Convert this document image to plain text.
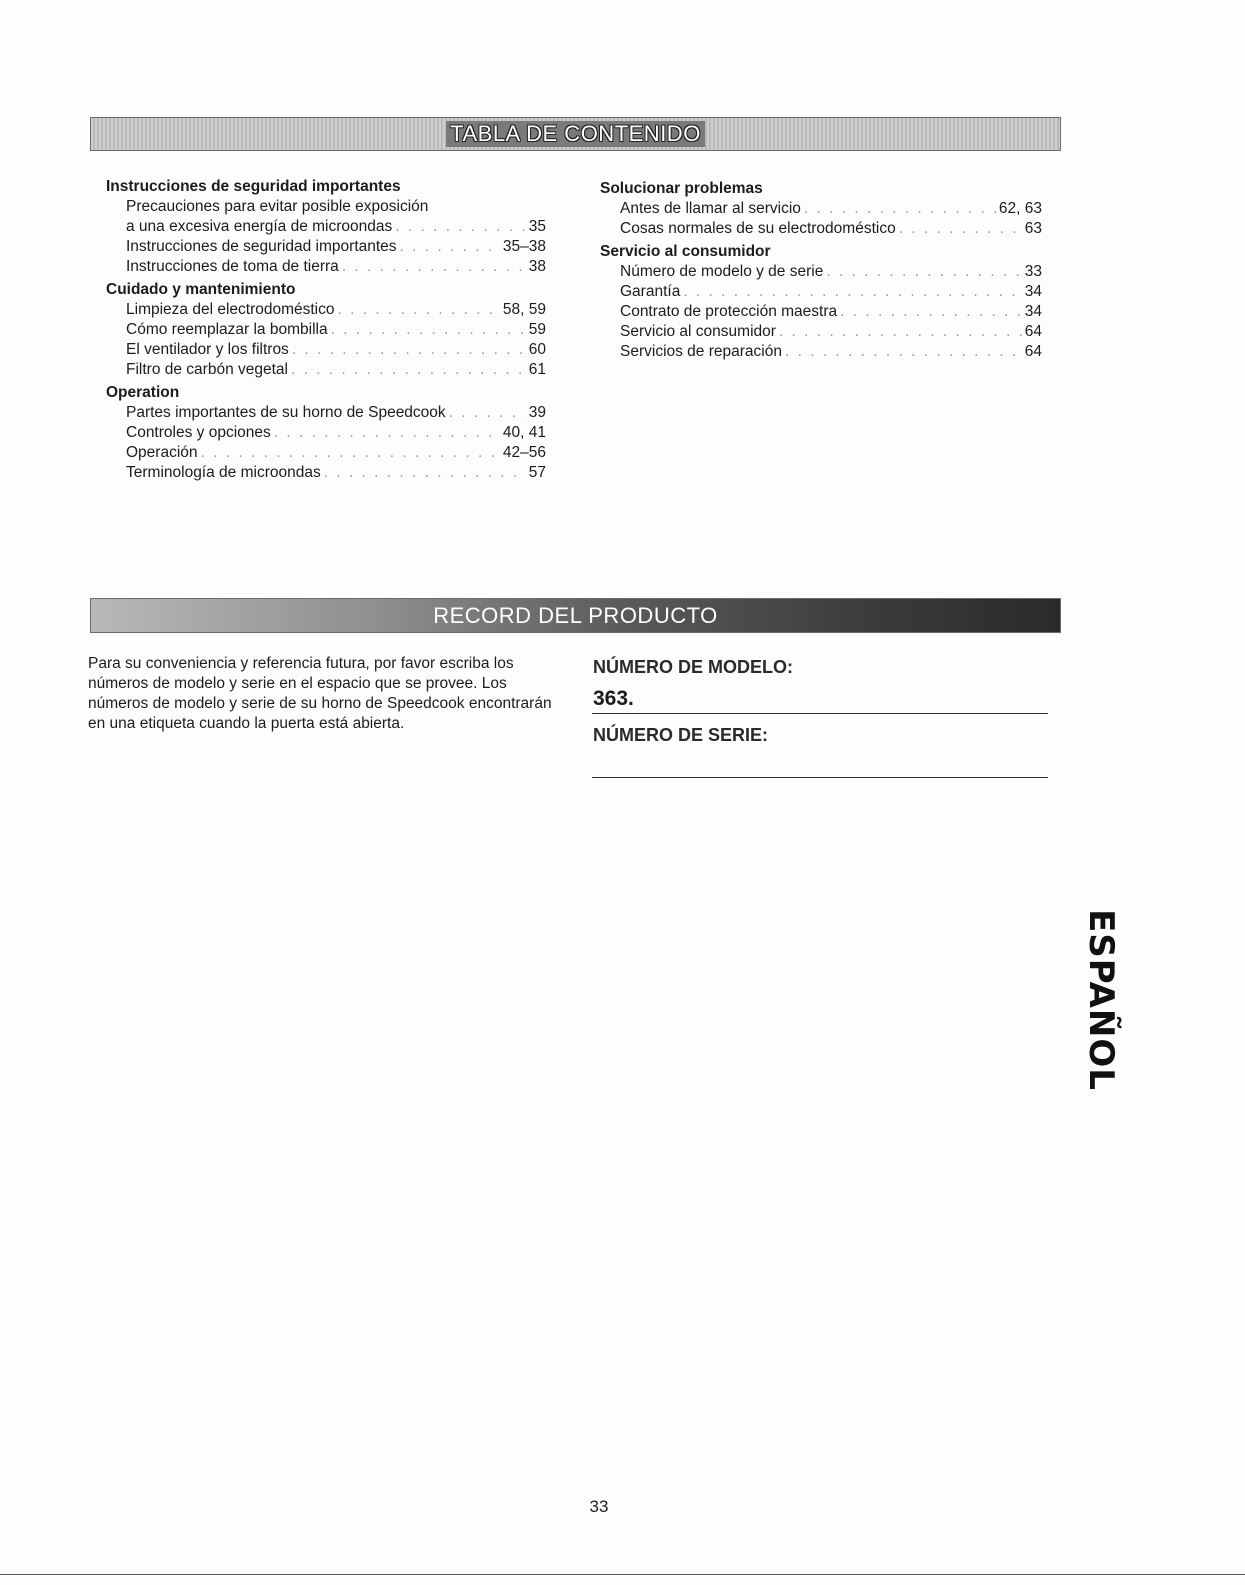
TABLA DE CONTENIDO
Instrucciones de seguridad importantes
Precauciones para evitar posible exposición
a una excesiva energía de microondas . . .	35
Instrucciones de seguridad importantes . . .	35–38
Instrucciones de toma de tierra . . .	38
Cuidado y mantenimiento
Limpieza del electrodoméstico . . .	58, 59
Cómo reemplazar la bombilla . . .	59
El ventilador y los filtros . . .	60
Filtro de carbón vegetal . . .	61
Operation
Partes importantes de su horno de Speedcook . . .	39
Controles y opciones . . .	40, 41
Operación . . .	42–56
Terminología de microondas . . .	57
Solucionar problemas
Antes de llamar al servicio . . .	62, 63
Cosas normales de su electrodoméstico . . .	63
Servicio al consumidor
Número de modelo y de serie . . .	33
Garantía . . .	34
Contrato de protección maestra . . .	34
Servicio al consumidor . . .	64
Servicios de reparación . . .	64
RECORD DEL PRODUCTO
Para su conveniencia y referencia futura, por favor escriba los números de modelo y serie en el espacio que se provee. Los números de modelo y serie de su horno de Speedcook encontrarán en una etiqueta cuando la puerta está abierta.
NÚMERO DE MODELO:
363.
NÚMERO DE SERIE:
ESPAÑOL
33
